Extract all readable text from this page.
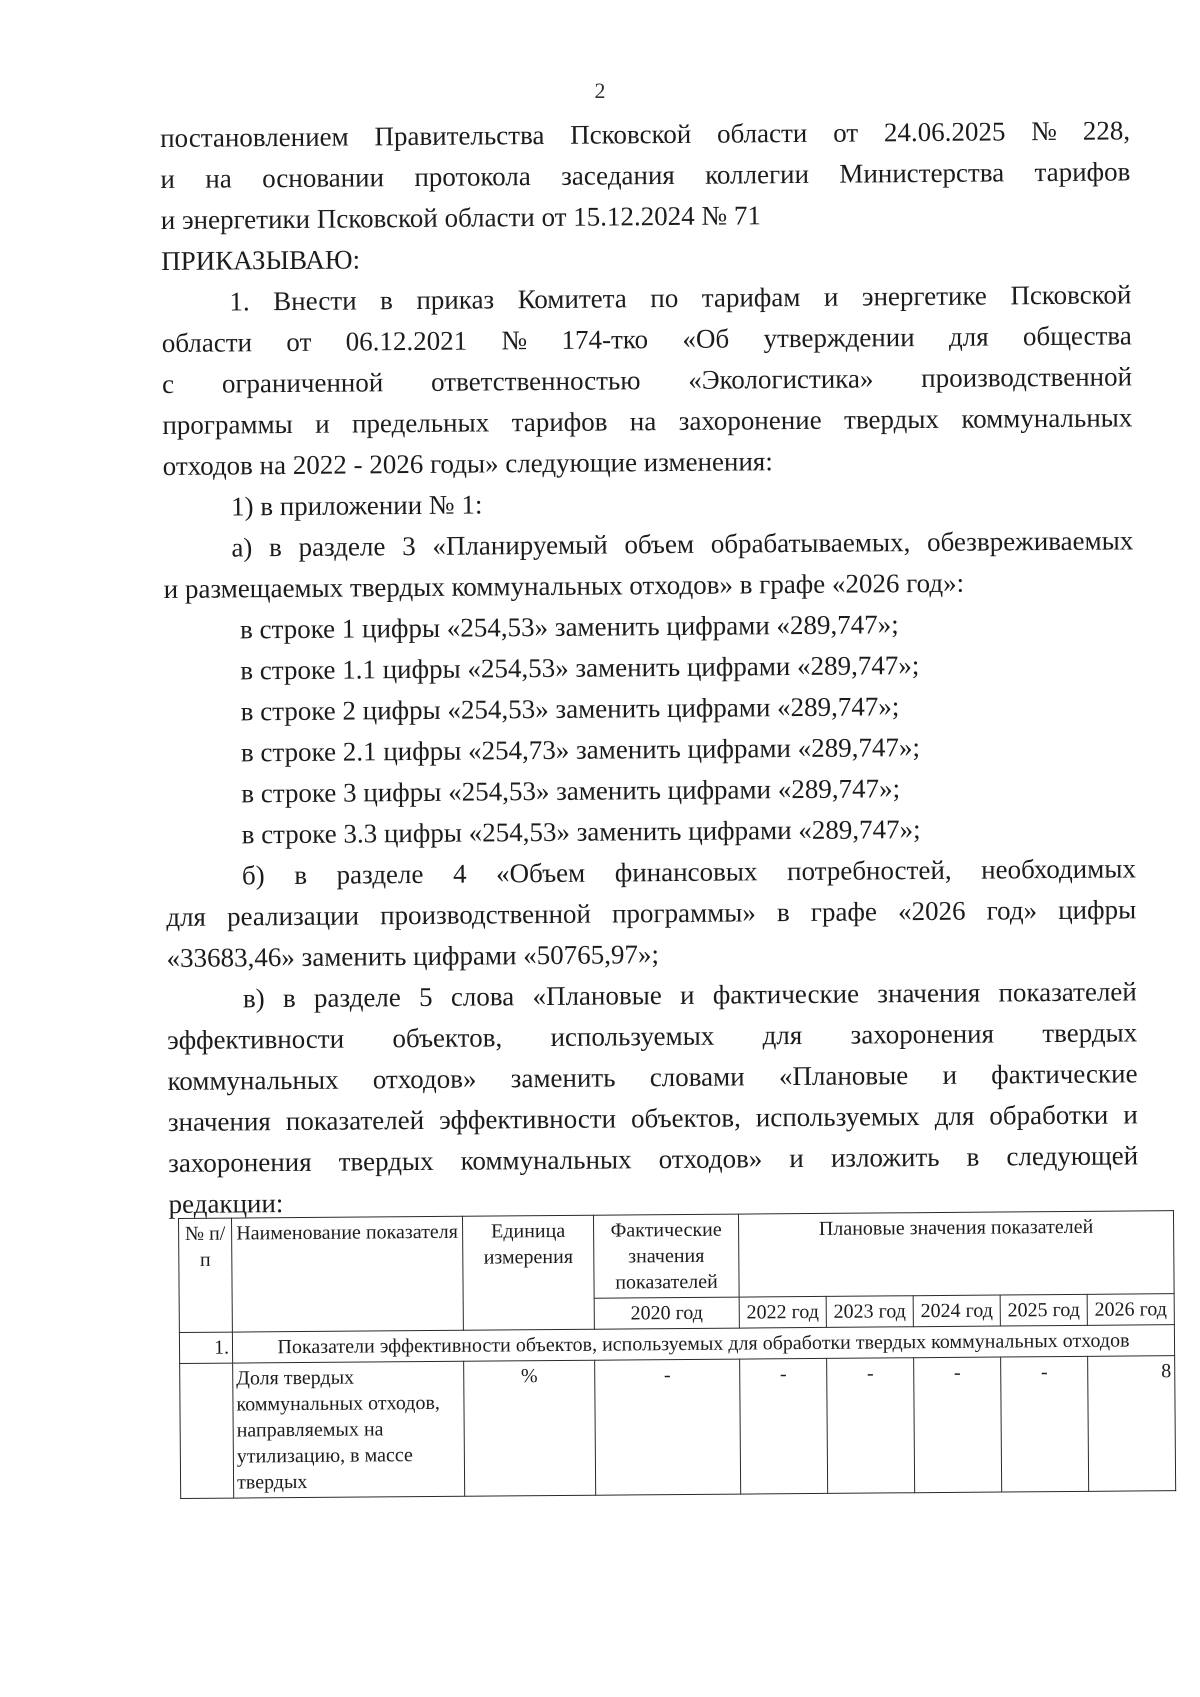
2
постановлением Правительства Псковской области от 24.06.2025 № 228,
и на основании протокола заседания коллегии Министерства тарифов
и энергетики Псковской области от 15.12.2024 № 71
ПРИКАЗЫВАЮ:
1. Внести в приказ Комитета по тарифам и энергетике Псковской
области от 06.12.2021 № 174-тко «Об утверждении для общества
с ограниченной ответственностью «Экологистика» производственной
программы и предельных тарифов на захоронение твердых коммунальных
отходов на 2022 - 2026 годы» следующие изменения:
1) в приложении № 1:
а) в разделе 3 «Планируемый объем обрабатываемых, обезвреживаемых
и размещаемых твердых коммунальных отходов» в графе «2026 год»:
в строке 1 цифры «254,53» заменить цифрами «289,747»;
в строке 1.1 цифры «254,53» заменить цифрами «289,747»;
в строке 2 цифры «254,53» заменить цифрами «289,747»;
в строке 2.1 цифры «254,73» заменить цифрами «289,747»;
в строке 3 цифры «254,53» заменить цифрами «289,747»;
в строке 3.3 цифры «254,53» заменить цифрами «289,747»;
б) в разделе 4 «Объем финансовых потребностей, необходимых
для реализации производственной программы» в графе «2026 год» цифры
«33683,46» заменить цифрами «50765,97»;
в) в разделе 5 слова «Плановые и фактические значения показателей
эффективности объектов, используемых для захоронения твердых
коммунальных отходов» заменить словами «Плановые и фактические
значения показателей эффективности объектов, используемых для обработки и
захоронения твердых коммунальных отходов» и изложить в следующей
редакции:
№ п/п	Наименование показателя	Единица измерения	Фактические значения показателей	Плановые значения показателей				
			2020 год	2022 год	2023 год	2024 год	2025 год	2026 год
1.	Показатели эффективности объектов, используемых для обработки твердых коммунальных отходов							
	Доля твердых коммунальных отходов, направляемых на утилизацию, в массе твердых	%	-	-	-	-	-	8
